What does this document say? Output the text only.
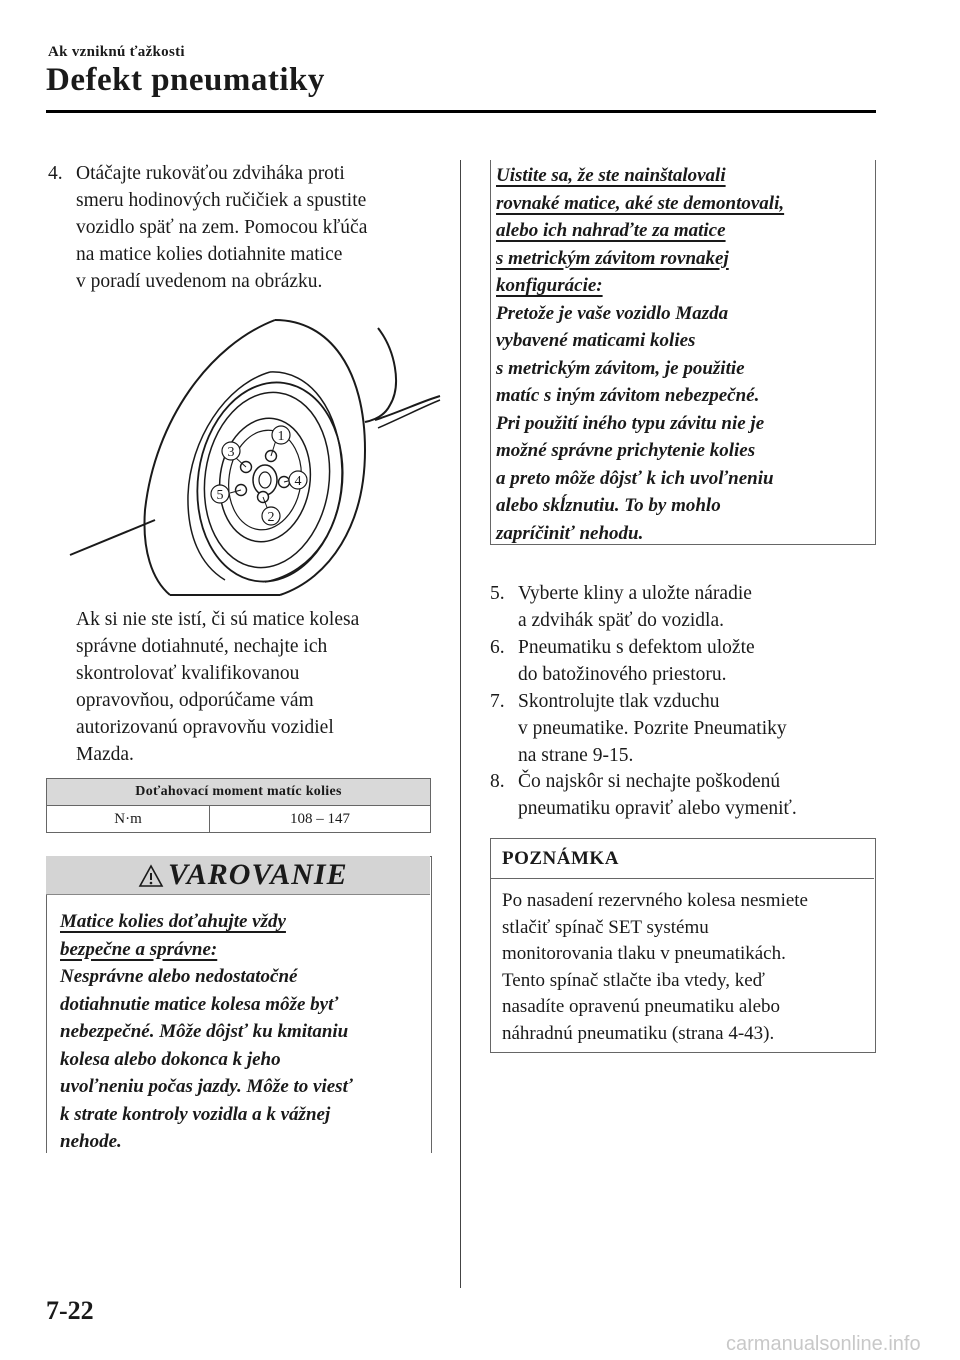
Ak vzniknú ťažkosti
Defekt pneumatiky
4. Otáčajte rukoväťou zdviháka proti
smeru hodinových ručičiek a spustite
vozidlo späť na zem. Pomocou kľúča
na matice kolies dotiahnite matice
v poradí uvedenom na obrázku.
1
2
3
4
5
Ak si nie ste istí, či sú matice kolesa
správne dotiahnuté, nechajte ich
skontrolovať kvalifikovanou
opravovňou, odporúčame vám
autorizovanú opravovňu vozidiel
Mazda.
Doťahovací moment matíc kolies
N·m	108 – 147
VAROVANIE
Matice kolies doťahujte vždy
bezpečne a správne:
Nesprávne alebo nedostatočné
dotiahnutie matice kolesa môže byť
nebezpečné. Môže dôjsť ku kmitaniu
kolesa alebo dokonca k jeho
uvoľneniu počas jazdy. Môže to viesť
k strate kontroly vozidla a k vážnej
nehode.
Uistite sa, že ste nainštalovali
rovnaké matice, aké ste demontovali,
alebo ich nahraďte za matice
s metrickým závitom rovnakej
konfigurácie:
Pretože je vaše vozidlo Mazda
vybavené maticami kolies
s metrickým závitom, je použitie
matíc s iným závitom nebezpečné.
Pri použití iného typu závitu nie je
možné správne prichytenie kolies
a preto môže dôjsť k ich uvoľneniu
alebo skĺznutiu. To by mohlo
zapríčiniť nehodu.
5. Vyberte kliny a uložte náradie
a zdvihák späť do vozidla.
6. Pneumatiku s defektom uložte
do batožinového priestoru.
7. Skontrolujte tlak vzduchu
v pneumatike. Pozrite Pneumatiky
na strane 9-15.
8. Čo najskôr si nechajte poškodenú
pneumatiku opraviť alebo vymeniť.
POZNÁMKA
Po nasadení rezervného kolesa nesmiete
stlačiť spínač SET systému
monitorovania tlaku v pneumatikách.
Tento spínač stlačte iba vtedy, keď
nasadíte opravenú pneumatiku alebo
náhradnú pneumatiku (strana 4-43).
7-22
carmanualsonline.info
